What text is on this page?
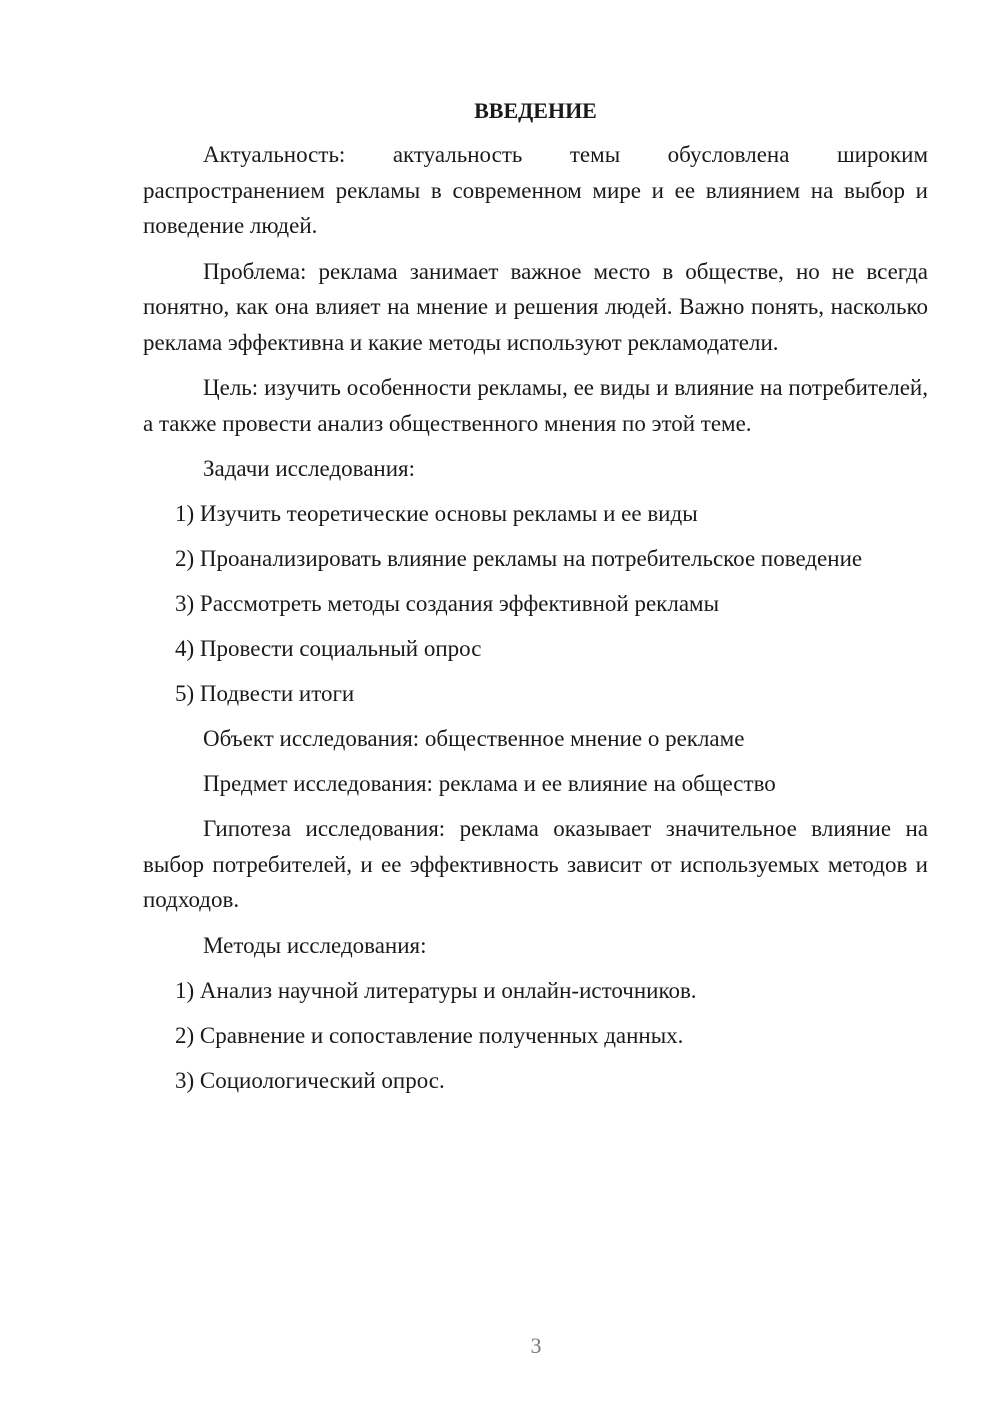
ВВЕДЕНИЕ

Актуальность: актуальность темы обусловлена широким распространением рекламы в современном мире и ее влиянием на выбор и поведение людей.

Проблема: реклама занимает важное место в обществе, но не всегда понятно, как она влияет на мнение и решения людей. Важно понять, насколько реклама эффективна и какие методы используют рекламодатели.

Цель: изучить особенности рекламы, ее виды и влияние на потребителей, а также провести анализ общественного мнения по этой теме.

Задачи исследования:

1) Изучить теоретические основы рекламы и ее виды
2) Проанализировать влияние рекламы на потребительское поведение
3) Рассмотреть методы создания эффективной рекламы
4) Провести социальный опрос
5) Подвести итоги

Объект исследования: общественное мнение о рекламе

Предмет исследования: реклама и ее влияние на общество

Гипотеза исследования: реклама оказывает значительное влияние на выбор потребителей, и ее эффективность зависит от используемых методов и подходов.

Методы исследования:

1) Анализ научной литературы и онлайн-источников.
2) Сравнение и сопоставление полученных данных.
3) Социологический опрос.
3
